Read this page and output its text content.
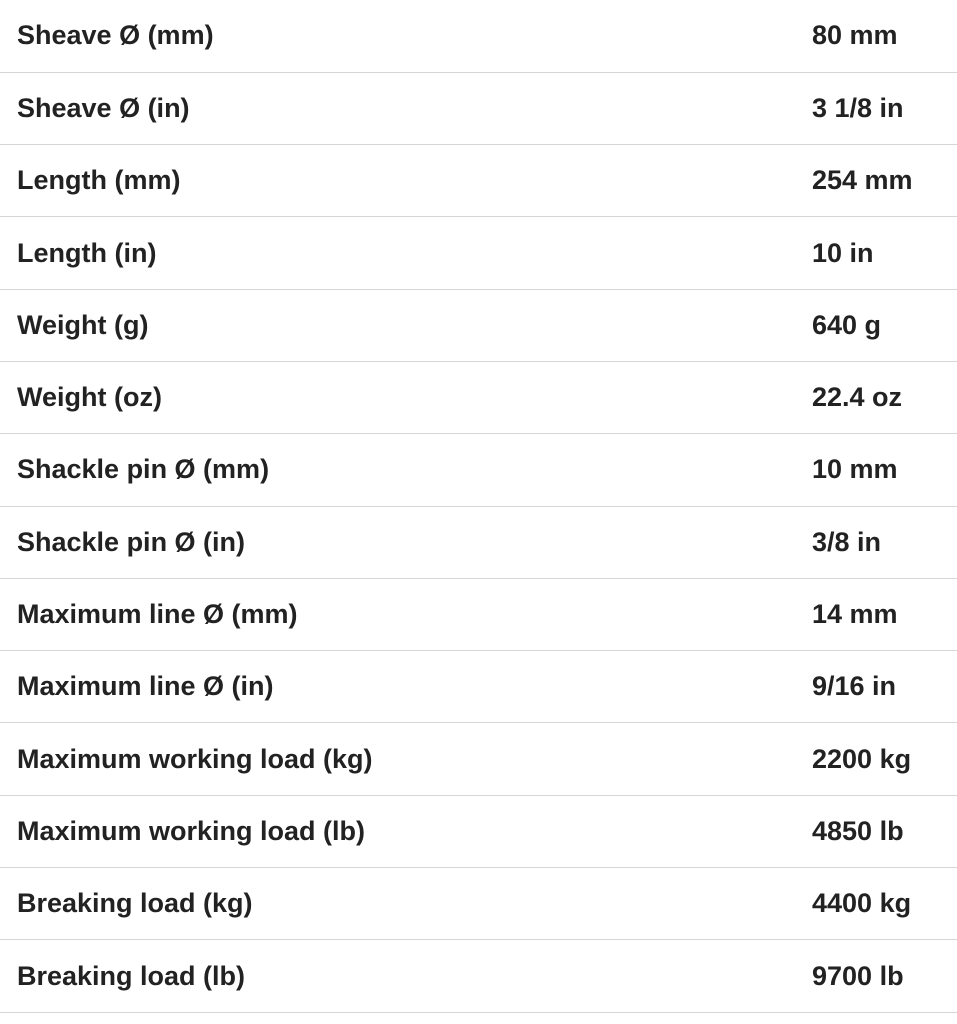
Sheave Ø (mm)	80 mm
Sheave Ø (in)	3 1/8 in
Length (mm)	254 mm
Length (in)	10 in
Weight (g)	640 g
Weight (oz)	22.4 oz
Shackle pin Ø (mm)	10 mm
Shackle pin Ø (in)	3/8 in
Maximum line Ø (mm)	14 mm
Maximum line Ø (in)	9/16 in
Maximum working load (kg)	2200 kg
Maximum working load (lb)	4850 lb
Breaking load (kg)	4400 kg
Breaking load (lb)	9700 lb
